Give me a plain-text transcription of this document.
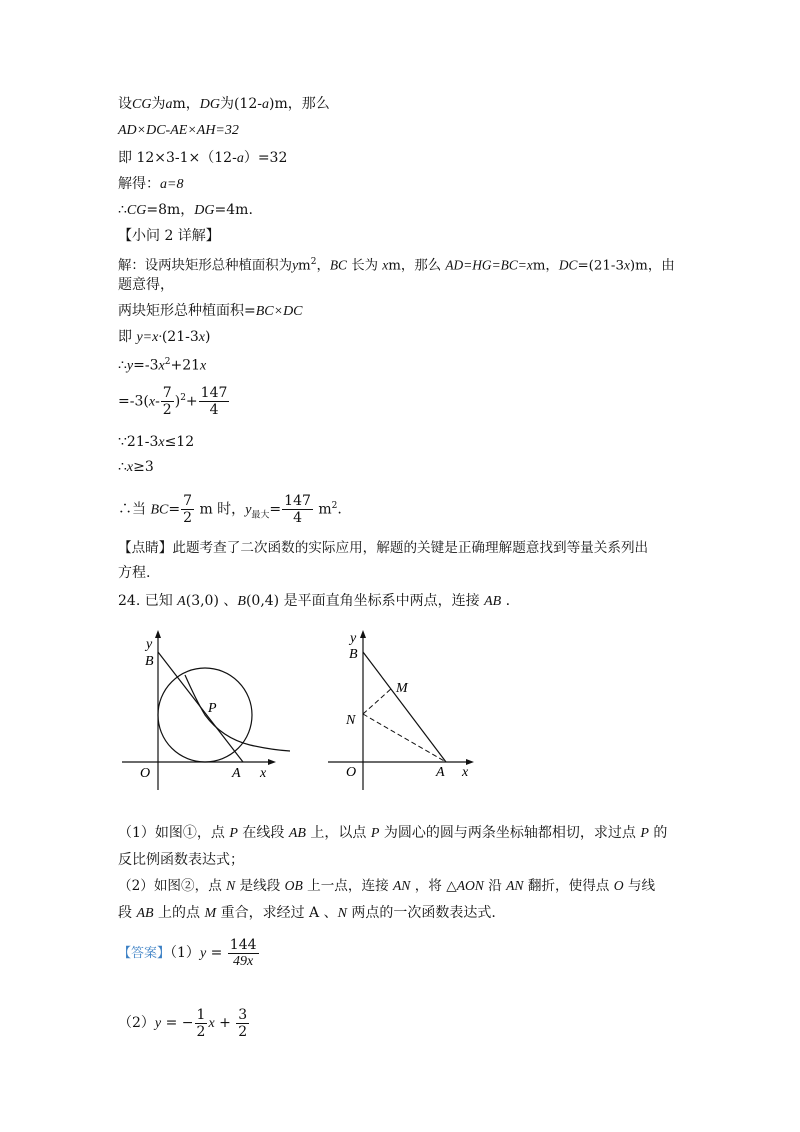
设CG为am，DG为(12-a)m，那么
AD×DC-AE×AH=32
即 12×3-1×（12-a）=32
解得：a=8
∴CG=8m，DG=4m.
【小问 2 详解】
解：设两块矩形总种植面积为$ym^2$，BC 长为 xm，那么 AD=HG=BC=xm，DC=(21-3x)m，由
题意得，
两块矩形总种植面积=BC×DC
即 y=x·(21-3x)
$\therefore y=-3x^2+21x$
$=-3(x- \frac{7}{2} )^2+ \frac{147}{4}$
∵21-3x≤12
∴x≥3
∴当 $BC= \frac{7}{2}$ m 时，$y_{最大}= \frac{147}{4} m^2$.
【点睛】此题考查了二次函数的实际应用，解题的关键是正确理解题意找到等量关系列出
方程.
24. 已知 A(3,0) 、B(0,4) 是平面直角坐标系中两点，连接 AB .
y
B
P
O	A x
y
B
M
N
O	A x
（1）如图①，点 P 在线段 AB 上，以点 P 为圆心的圆与两条坐标轴都相切，求过点 P 的
反比例函数表达式；
（2）如图②，点 N 是线段 OB 上一点，连接 AN ，将 △AON 沿 AN 翻折，使得点 O 与线
段 AB 上的点 M 重合，求经过 A 、N 两点的一次函数表达式.
【答案】$(1)y = \frac{144}{49x}$
（2）y = − $\frac{1}{2}$ $x + \frac{3}{2}$
